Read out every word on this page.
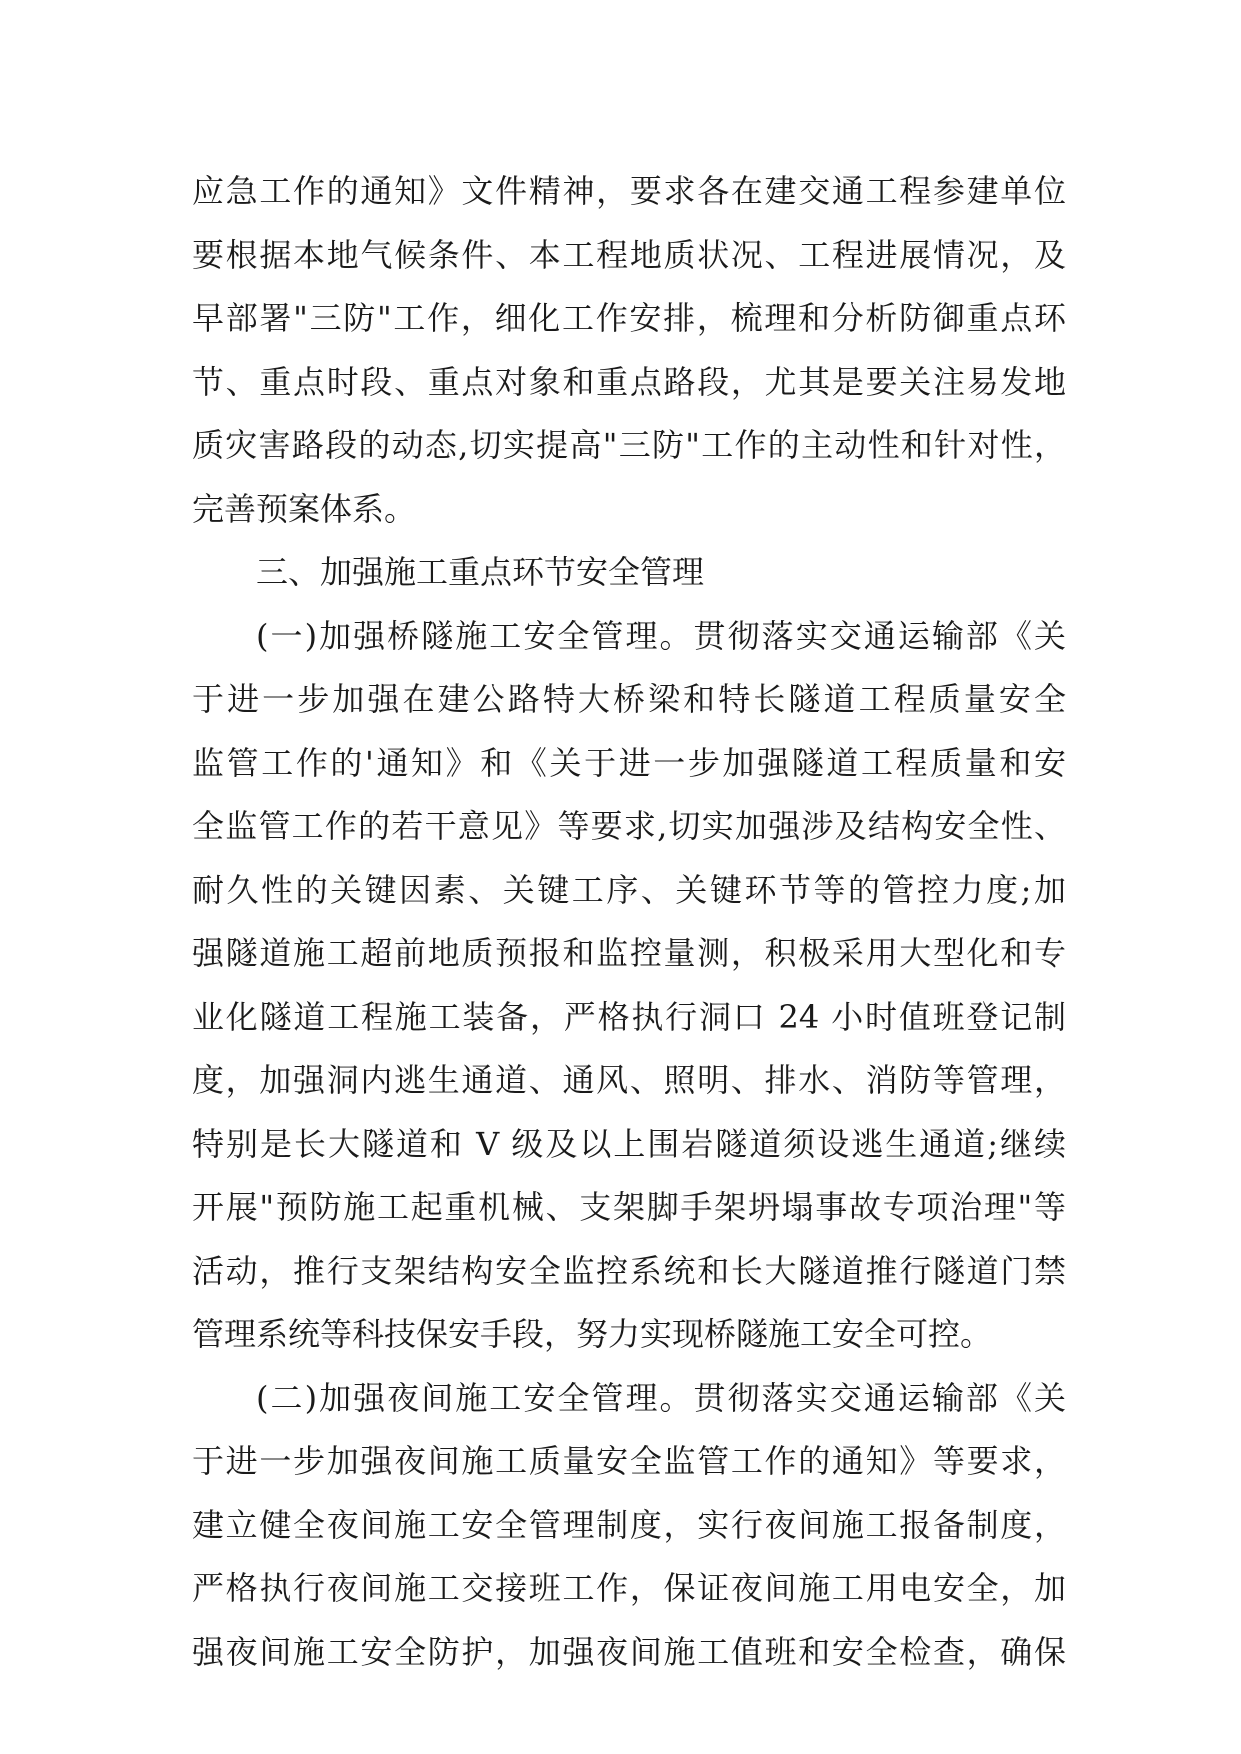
应急工作的通知》文件精神，要求各在建交通工程参建单位
要根据本地气候条件、本工程地质状况、工程进展情况，及
早部署"三防"工作，细化工作安排，梳理和分析防御重点环
节、重点时段、重点对象和重点路段，尤其是要关注易发地
质灾害路段的动态,切实提高"三防"工作的主动性和针对性，
完善预案体系。
三、加强施工重点环节安全管理
(一)加强桥隧施工安全管理。贯彻落实交通运输部《关
于进一步加强在建公路特大桥梁和特长隧道工程质量安全
监管工作的'通知》和《关于进一步加强隧道工程质量和安
全监管工作的若干意见》等要求,切实加强涉及结构安全性、
耐久性的关键因素、关键工序、关键环节等的管控力度;加
强隧道施工超前地质预报和监控量测，积极采用大型化和专
业化隧道工程施工装备，严格执行洞口 24 小时值班登记制
度，加强洞内逃生通道、通风、照明、排水、消防等管理，
特别是长大隧道和 V 级及以上围岩隧道须设逃生通道;继续
开展"预防施工起重机械、支架脚手架坍塌事故专项治理"等
活动，推行支架结构安全监控系统和长大隧道推行隧道门禁
管理系统等科技保安手段，努力实现桥隧施工安全可控。
(二)加强夜间施工安全管理。贯彻落实交通运输部《关
于进一步加强夜间施工质量安全监管工作的通知》等要求，
建立健全夜间施工安全管理制度，实行夜间施工报备制度，
严格执行夜间施工交接班工作，保证夜间施工用电安全，加
强夜间施工安全防护，加强夜间施工值班和安全检查，确保
